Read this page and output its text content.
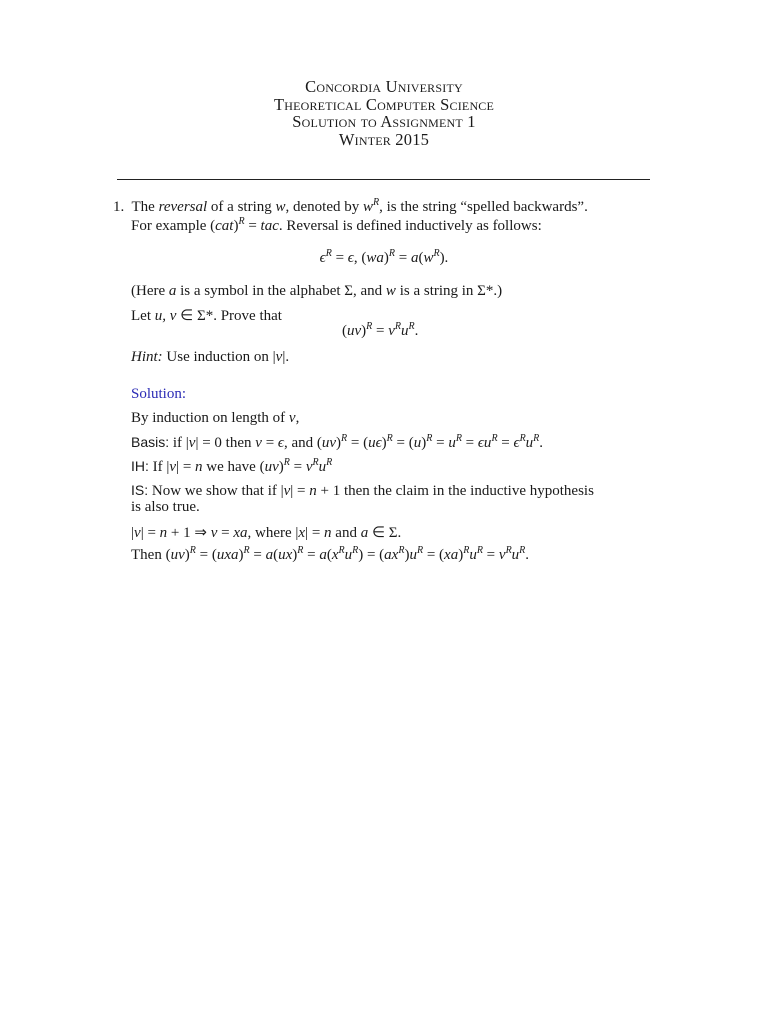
Concordia University
Theoretical Computer Science
Solution to Assignment 1
Winter 2015
1. The reversal of a string w, denoted by $w^R$, is the string “spelled backwards”.
For example (cat)$^R$ = tac. Reversal is defined inductively as follows:
$\epsilon^R = \epsilon$, $(wa)^R = a(w^R)$.
(Here a is a symbol in the alphabet Σ, and w is a string in Σ*.)
Let u, v ∈ Σ*. Prove that
$(uv)^R = v^Ru^R$.
Hint: Use induction on |v|.
Solution:
By induction on length of v,
Basis: if |v| = 0 then v = ϵ, and $(uv)^R = (u\epsilon)^R = (u)^R = u^R = \epsilon u^R = \epsilon^Ru^R$.
IH: If |v| = n we have $(uv)^R = v^Ru^R$
IS: Now we show that if |v| = n + 1 then the claim in the inductive hypothesis
is also true.
|v| = n + 1 ⇒ v = xa, where |x| = n and a ∈ Σ.
Then $(uv)^R = (uxa)^R = a(ux)^R = a(x^Ru^R) = (ax^R)u^R = (xa)^Ru^R = v^Ru^R$.
